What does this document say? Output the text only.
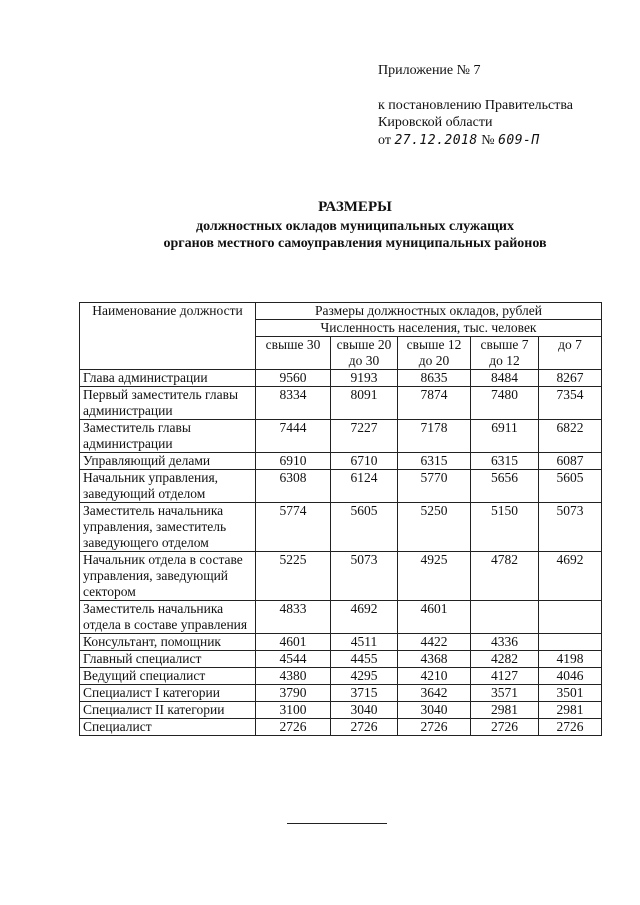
Приложение № 7
к постановлению Правительства
Кировской области
от 27.12.2018 № 609-П
РАЗМЕРЫ
должностных окладов муниципальных служащих
органов местного самоуправления муниципальных районов
Наименование должности	Размеры должностных окладов, рублей				
	Численность населения, тыс. человек				
	свыше 30	свыше 20 до 30	свыше 12 до 20	свыше 7 до 12	до 7
Глава администрации	9560	9193	8635	8484	8267
Первый заместитель главы администрации	8334	8091	7874	7480	7354
Заместитель главы администрации	7444	7227	7178	6911	6822
Управляющий делами	6910	6710	6315	6315	6087
Начальник управления, заведующий отделом	6308	6124	5770	5656	5605
Заместитель начальника управления, заместитель заведующего отделом	5774	5605	5250	5150	5073
Начальник отдела в составе управления, заведующий сектором	5225	5073	4925	4782	4692
Заместитель начальника отдела в составе управления	4833	4692	4601		
Консультант, помощник	4601	4511	4422	4336	
Главный специалист	4544	4455	4368	4282	4198
Ведущий специалист	4380	4295	4210	4127	4046
Специалист I категории	3790	3715	3642	3571	3501
Специалист II категории	3100	3040	3040	2981	2981
Специалист	2726	2726	2726	2726	2726
